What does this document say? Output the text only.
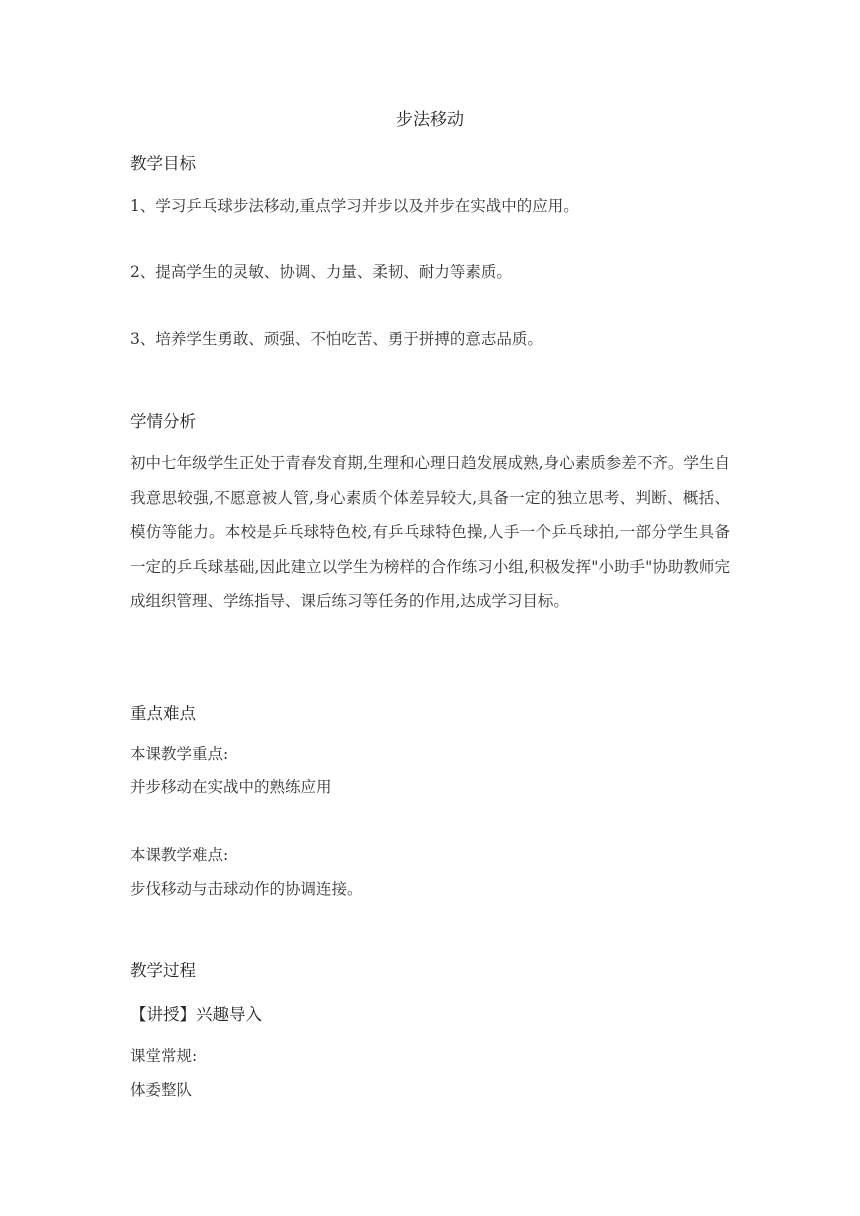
步法移动
教学目标
1、学习乒乓球步法移动,重点学习并步以及并步在实战中的应用。
2、提高学生的灵敏、协调、力量、柔韧、耐力等素质。
3、培养学生勇敢、顽强、不怕吃苦、勇于拼搏的意志品质。
学情分析

初中七年级学生正处于青春发育期,生理和心理日趋发展成熟,身心素质参差不齐。学生自我意思较强,不愿意被人管,身心素质个体差异较大,具备一定的独立思考、判断、概括、模仿等能力。本校是乒乓球特色校,有乒乓球特色操,人手一个乒乓球拍,一部分学生具备一定的乒乓球基础,因此建立以学生为榜样的合作练习小组,积极发挥"小助手"协助教师完成组织管理、学练指导、课后练习等任务的作用,达成学习目标。

重点难点
本课教学重点:
并步移动在实战中的熟练应用
本课教学难点:
步伐移动与击球动作的协调连接。
教学过程
【讲授】兴趣导入
课堂常规:
体委整队
